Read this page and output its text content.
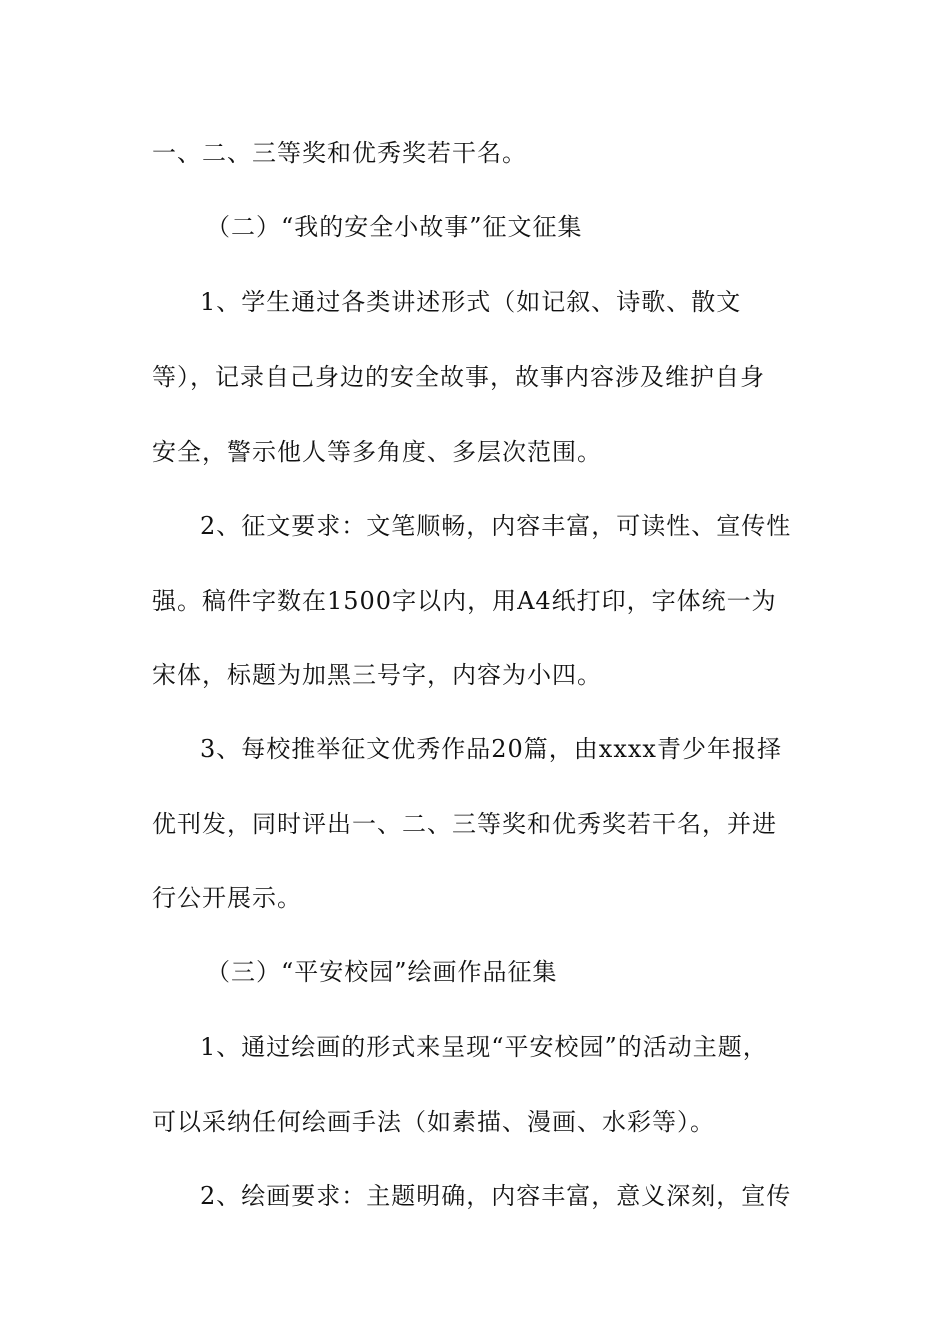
一、二、三等奖和优秀奖若干名。
（二）“我的安全小故事”征文征集
1、学生通过各类讲述形式（如记叙、诗歌、散文
等），记录自己身边的安全故事，故事内容涉及维护自身
安全，警示他人等多角度、多层次范围。
2、征文要求：文笔顺畅，内容丰富，可读性、宣传性
强。稿件字数在1500字以内，用A4纸打印，字体统一为
宋体，标题为加黑三号字，内容为小四。
3、每校推举征文优秀作品20篇，由xxxx青少年报择
优刊发，同时评出一、二、三等奖和优秀奖若干名，并进
行公开展示。
（三）“平安校园”绘画作品征集
1、通过绘画的形式来呈现“平安校园”的活动主题，
可以采纳任何绘画手法（如素描、漫画、水彩等）。
2、绘画要求：主题明确，内容丰富，意义深刻，宣传
